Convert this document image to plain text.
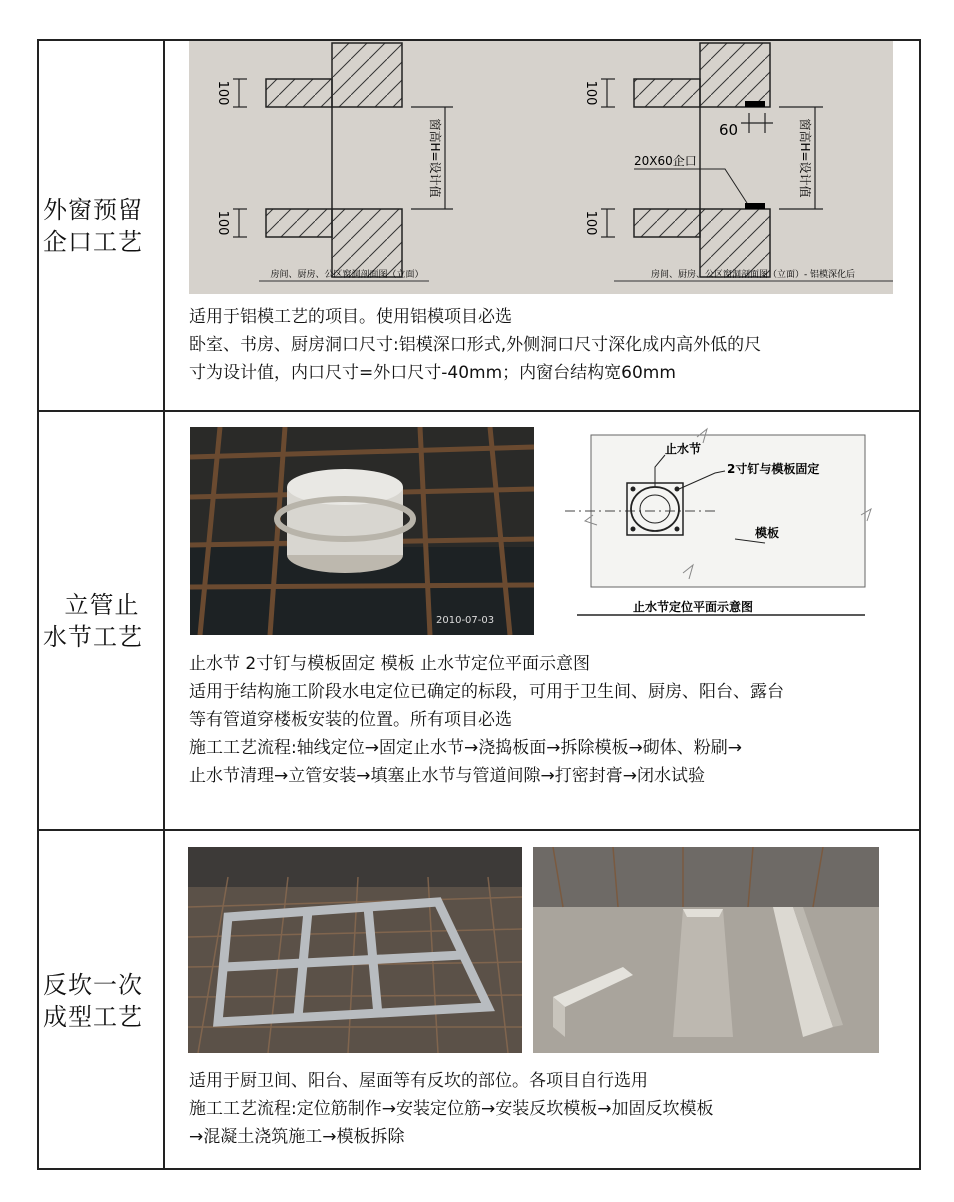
外窗预留
企口工艺
100
100
窗高H=设计值
房间、厨房、公区窗洞剖面图（立面）
60
20X60企口
100
100
窗高H=设计值
房间、厨房、公区窗洞剖面图（立面）- 铝模深化后
适用于铝模工艺的项目。使用铝模项目必选
卧室、书房、厨房洞口尺寸:铝模深口形式,外侧洞口尺寸深化成内高外低的尺
寸为设计值，内口尺寸=外口尺寸-40mm；内窗台结构宽60mm
立管止
水节工艺
2010-07-03
止水节
2寸钉与模板固定
模板
止水节定位平面示意图
止水节 2寸钉与模板固定 模板 止水节定位平面示意图
适用于结构施工阶段水电定位已确定的标段，可用于卫生间、厨房、阳台、露台
等有管道穿楼板安装的位置。所有项目必选
施工工艺流程:轴线定位→固定止水节→浇捣板面→拆除模板→砌体、粉刷→
止水节清理→立管安装→填塞止水节与管道间隙→打密封膏→闭水试验
反坎一次
成型工艺
适用于厨卫间、阳台、屋面等有反坎的部位。各项目自行选用
施工工艺流程:定位筋制作→安装定位筋→安装反坎模板→加固反坎模板
→混凝土浇筑施工→模板拆除
